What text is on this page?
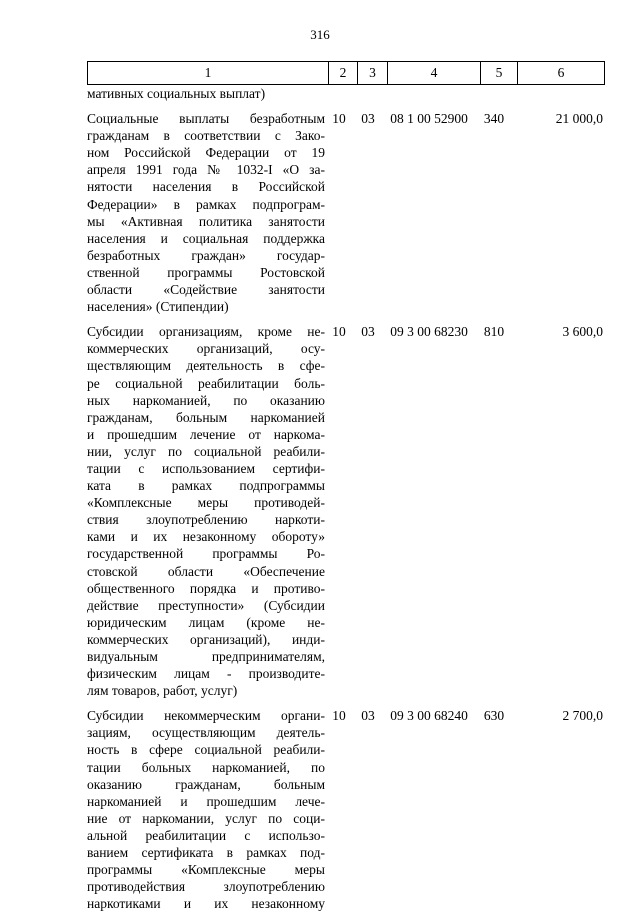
316
1	2	3	4	5	6
мативных социальных выплат)
Социальные выплаты безработным
гражданам в соответствии с Зако-
ном Российской Федерации от 19
апреля 1991 года № 1032-I «О за-
нятости населения в Российской
Федерации» в рамках подпрограм-
мы «Активная политика занятости
населения и социальная поддержка
безработных граждан» государ-
ственной программы Ростовской
области «Содействие занятости
населения» (Стипендии)
10	03	08 1 00 52900	340	21 000,0
Субсидии организациям, кроме не-
коммерческих организаций, осу-
ществляющим деятельность в сфе-
ре социальной реабилитации боль-
ных наркоманией, по оказанию
гражданам, больным наркоманией
и прошедшим лечение от наркома-
нии, услуг по социальной реабили-
тации с использованием сертифи-
ката в рамках подпрограммы
«Комплексные меры противодей-
ствия злоупотреблению наркоти-
ками и их незаконному обороту»
государственной программы Ро-
стовской области «Обеспечение
общественного порядка и противо-
действие преступности» (Субсидии
юридическим лицам (кроме не-
коммерческих организаций), инди-
видуальным предпринимателям,
физическим лицам - производите-
лям товаров, работ, услуг)
10	03	09 3 00 68230	810	3 600,0
Субсидии некоммерческим органи-
зациям, осуществляющим деятель-
ность в сфере социальной реабили-
тации больных наркоманией, по
оказанию гражданам, больным
наркоманией и прошедшим лече-
ние от наркомании, услуг по соци-
альной реабилитации с использо-
ванием сертификата в рамках под-
программы «Комплексные меры
противодействия злоупотреблению
наркотиками и их незаконному
10	03	09 3 00 68240	630	2 700,0
